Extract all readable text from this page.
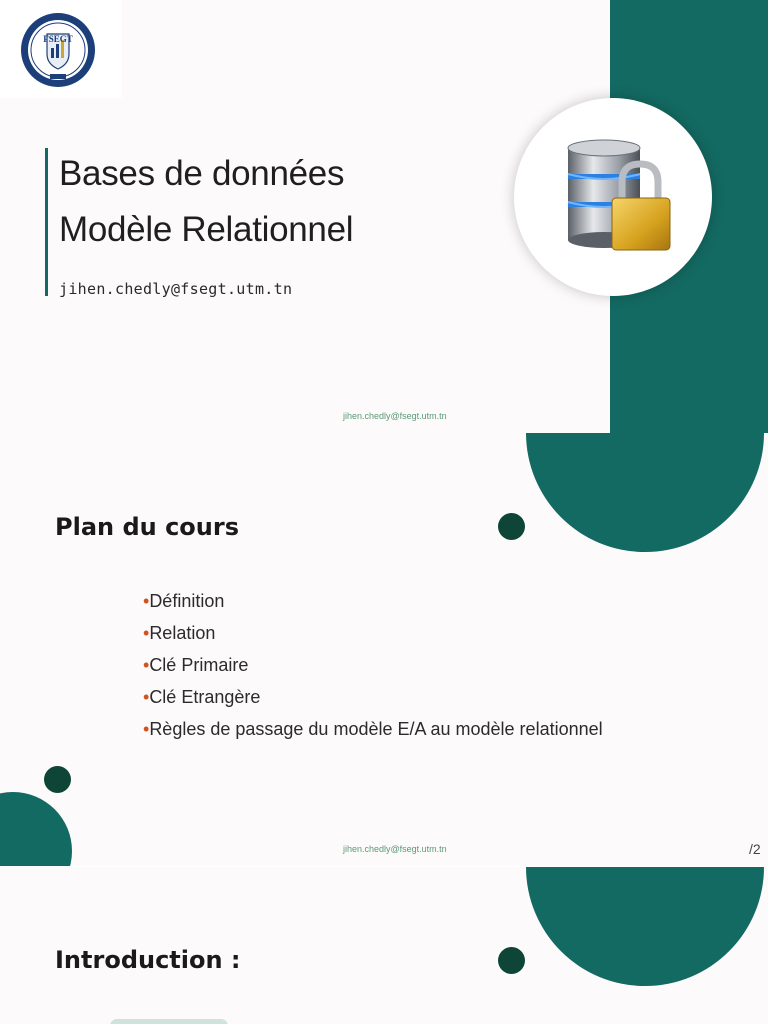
FSEGT
Bases de données
Modèle Relationnel
jihen.chedly@fsegt.utm.tn
jihen.chedly@fsegt.utm.tn
Plan du cours
•Définition
•Relation
•Clé Primaire
•Clé Etrangère
•Règles de passage du modèle E/A au modèle relationnel
jihen.chedly@fsegt.utm.tn	/2
Introduction :
